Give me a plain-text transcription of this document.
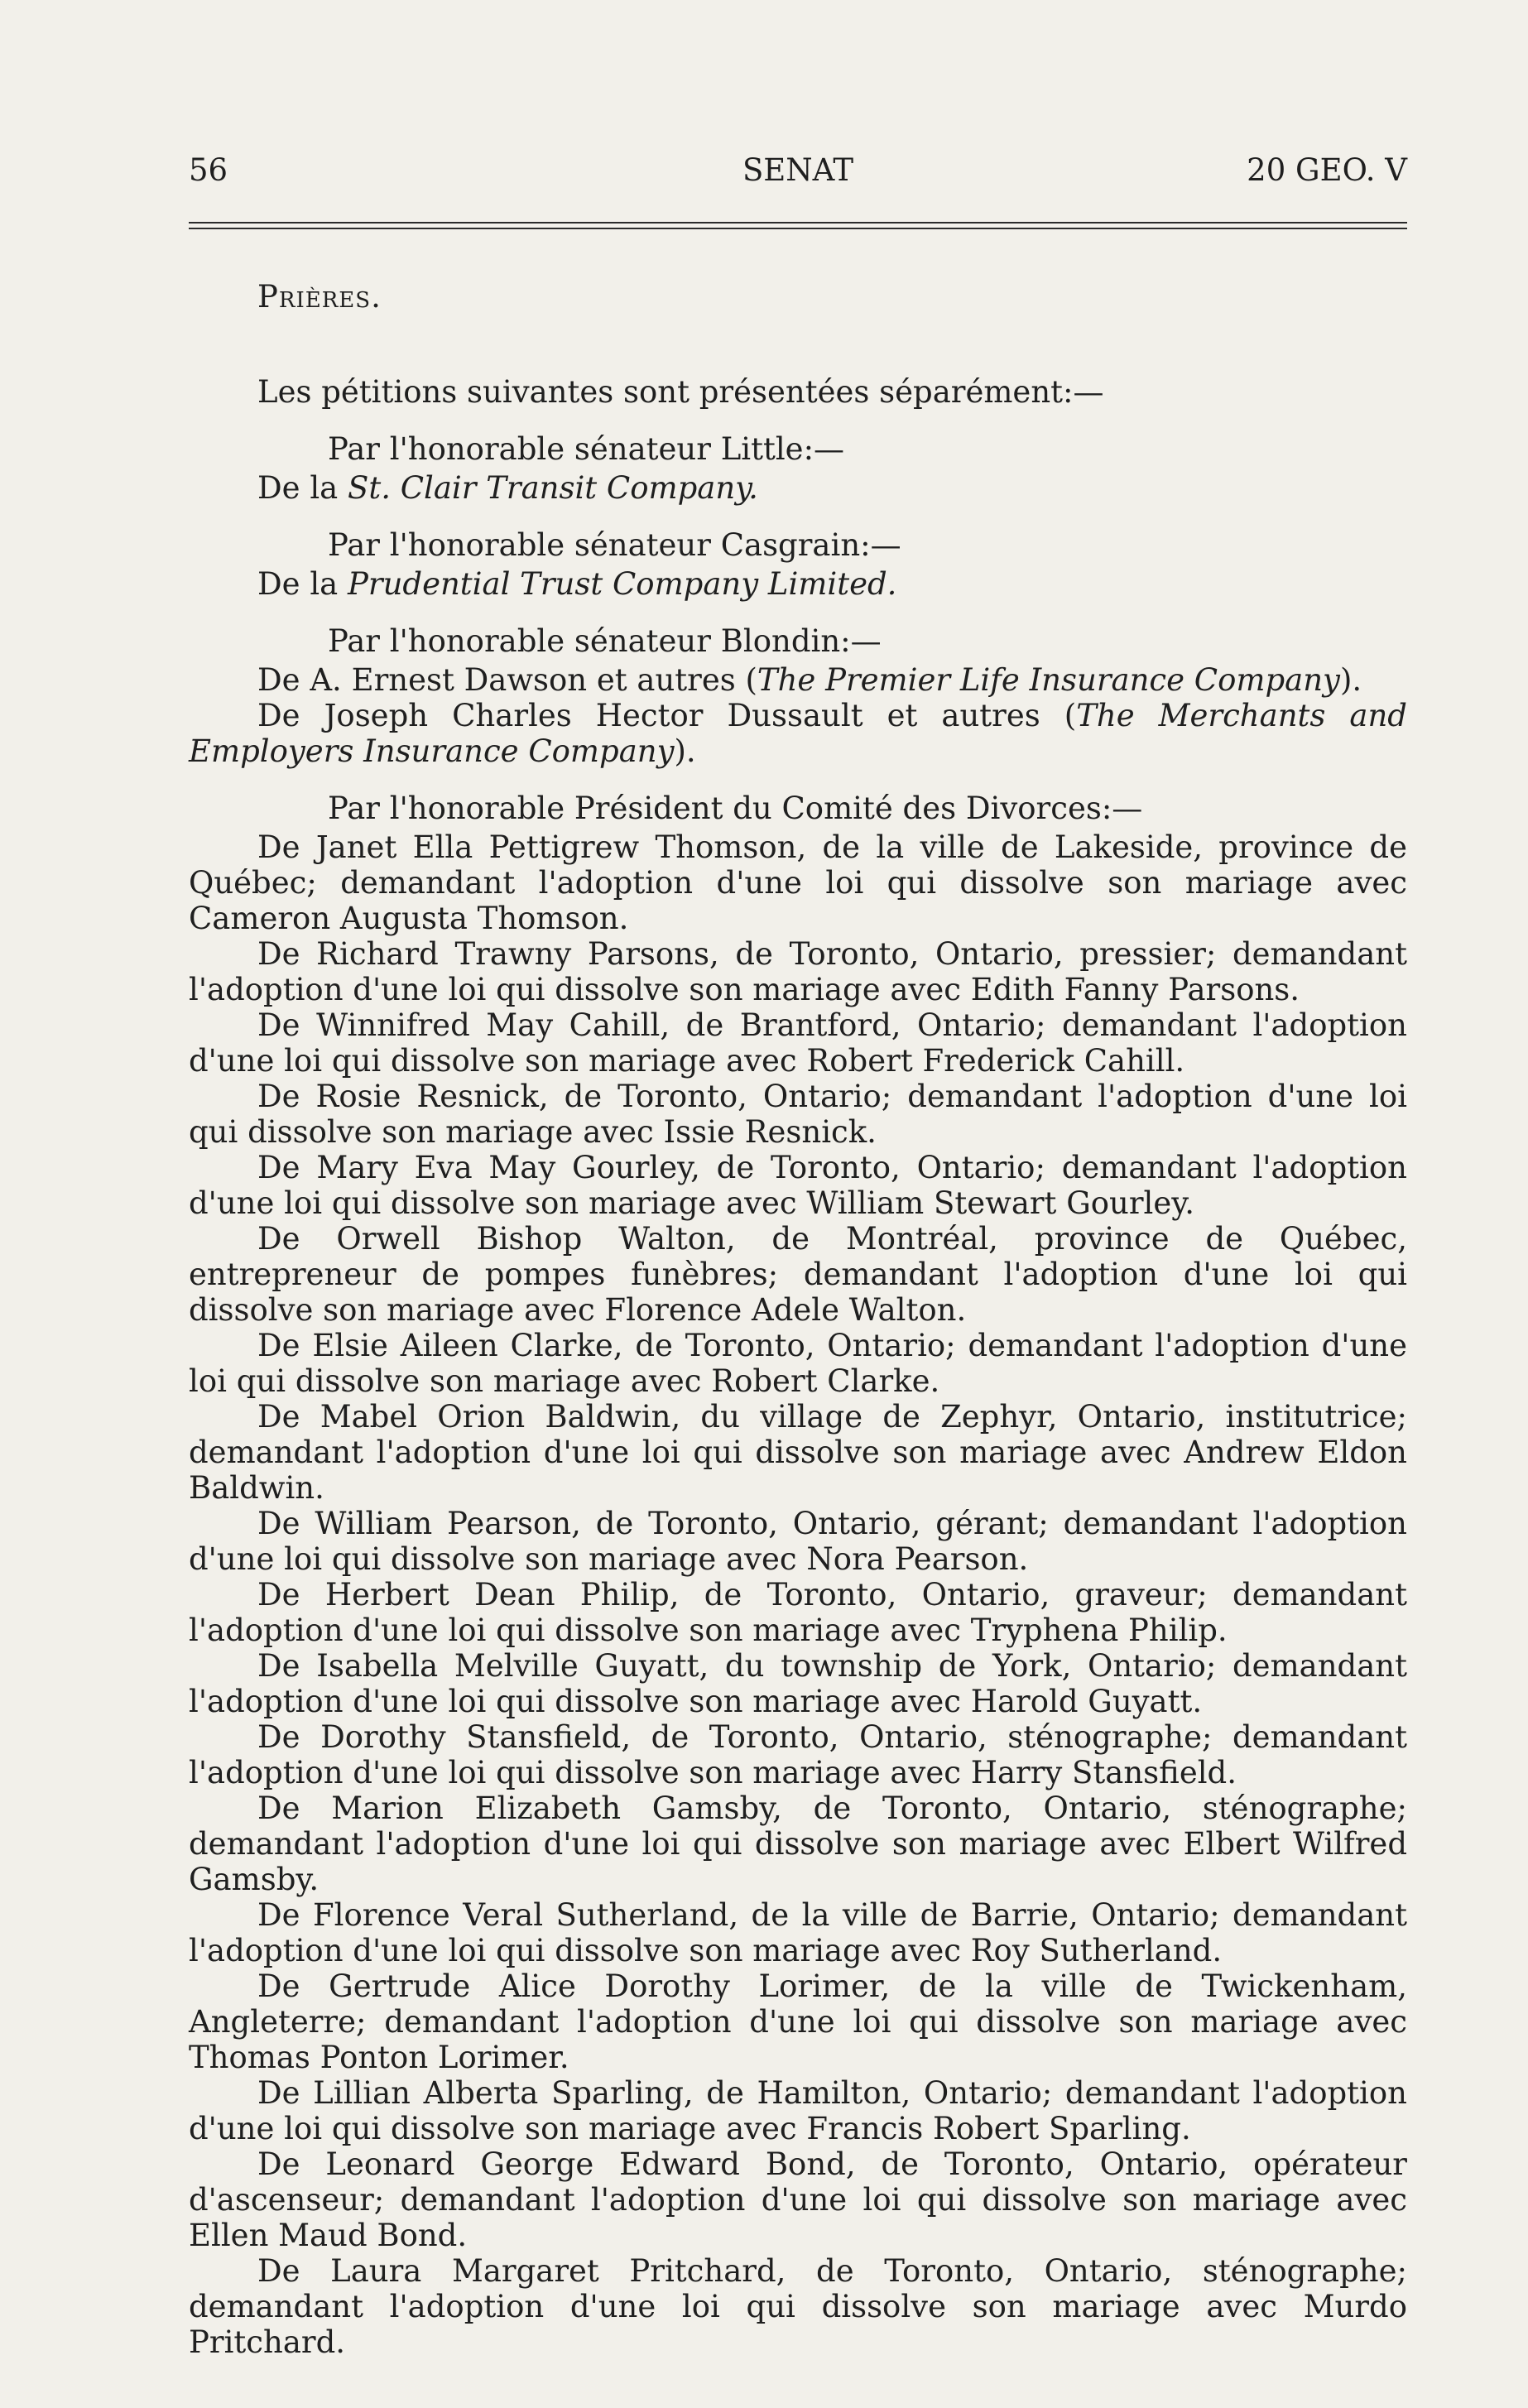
56	SENAT	20 GEO. V

Prières.

Les pétitions suivantes sont présentées séparément:—

Par l'honorable sénateur Little:—

De la St. Clair Transit Company.

Par l'honorable sénateur Casgrain:—

De la Prudential Trust Company Limited.

Par l'honorable sénateur Blondin:—

De A. Ernest Dawson et autres (The Premier Life Insurance Company).

De Joseph Charles Hector Dussault et autres (The Merchants and Employers Insurance Company).

Par l'honorable Président du Comité des Divorces:—

De Janet Ella Pettigrew Thomson, de la ville de Lakeside, province de Québec; demandant l'adoption d'une loi qui dissolve son mariage avec Cameron Augusta Thomson.

De Richard Trawny Parsons, de Toronto, Ontario, pressier; demandant l'adoption d'une loi qui dissolve son mariage avec Edith Fanny Parsons.

De Winnifred May Cahill, de Brantford, Ontario; demandant l'adoption d'une loi qui dissolve son mariage avec Robert Frederick Cahill.

De Rosie Resnick, de Toronto, Ontario; demandant l'adoption d'une loi qui dissolve son mariage avec Issie Resnick.

De Mary Eva May Gourley, de Toronto, Ontario; demandant l'adoption d'une loi qui dissolve son mariage avec William Stewart Gourley.

De Orwell Bishop Walton, de Montréal, province de Québec, entrepreneur de pompes funèbres; demandant l'adoption d'une loi qui dissolve son mariage avec Florence Adele Walton.

De Elsie Aileen Clarke, de Toronto, Ontario; demandant l'adoption d'une loi qui dissolve son mariage avec Robert Clarke.

De Mabel Orion Baldwin, du village de Zephyr, Ontario, institutrice; demandant l'adoption d'une loi qui dissolve son mariage avec Andrew Eldon Baldwin.

De William Pearson, de Toronto, Ontario, gérant; demandant l'adoption d'une loi qui dissolve son mariage avec Nora Pearson.

De Herbert Dean Philip, de Toronto, Ontario, graveur; demandant l'adoption d'une loi qui dissolve son mariage avec Tryphena Philip.

De Isabella Melville Guyatt, du township de York, Ontario; demandant l'adoption d'une loi qui dissolve son mariage avec Harold Guyatt.

De Dorothy Stansfield, de Toronto, Ontario, sténographe; demandant l'adoption d'une loi qui dissolve son mariage avec Harry Stansfield.

De Marion Elizabeth Gamsby, de Toronto, Ontario, sténographe; demandant l'adoption d'une loi qui dissolve son mariage avec Elbert Wilfred Gamsby.

De Florence Veral Sutherland, de la ville de Barrie, Ontario; demandant l'adoption d'une loi qui dissolve son mariage avec Roy Sutherland.

De Gertrude Alice Dorothy Lorimer, de la ville de Twickenham, Angleterre; demandant l'adoption d'une loi qui dissolve son mariage avec Thomas Ponton Lorimer.

De Lillian Alberta Sparling, de Hamilton, Ontario; demandant l'adoption d'une loi qui dissolve son mariage avec Francis Robert Sparling.

De Leonard George Edward Bond, de Toronto, Ontario, opérateur d'ascenseur; demandant l'adoption d'une loi qui dissolve son mariage avec Ellen Maud Bond.

De Laura Margaret Pritchard, de Toronto, Ontario, sténographe; demandant l'adoption d'une loi qui dissolve son mariage avec Murdo Pritchard.
